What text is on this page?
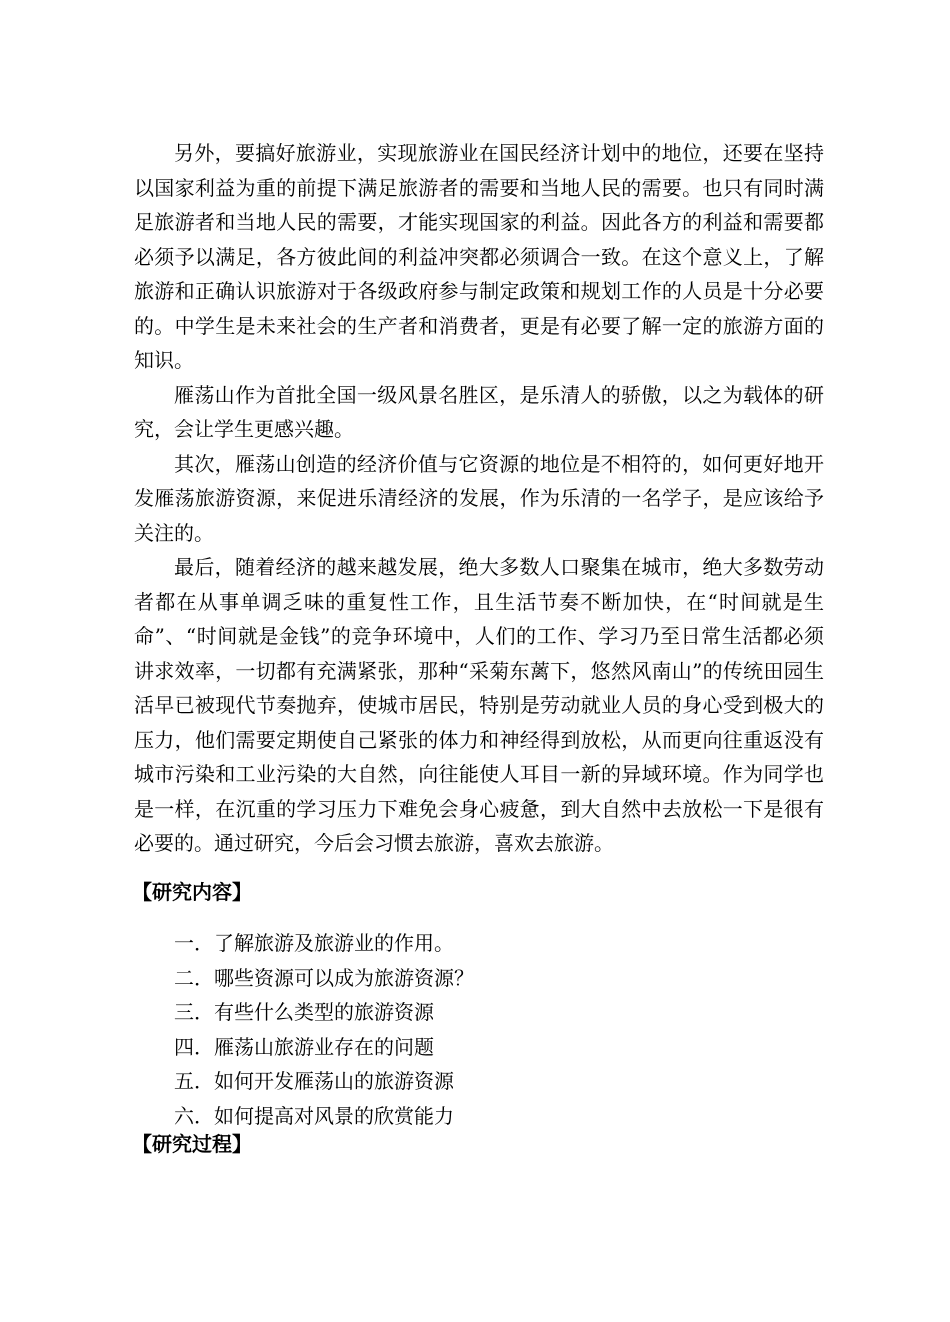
另外，要搞好旅游业，实现旅游业在国民经济计划中的地位，还要在坚持以国家利益为重的前提下满足旅游者的需要和当地人民的需要。也只有同时满足旅游者和当地人民的需要，才能实现国家的利益。因此各方的利益和需要都必须予以满足，各方彼此间的利益冲突都必须调合一致。在这个意义上，了解旅游和正确认识旅游对于各级政府参与制定政策和规划工作的人员是十分必要的。中学生是未来社会的生产者和消费者，更是有必要了解一定的旅游方面的知识。

雁荡山作为首批全国一级风景名胜区，是乐清人的骄傲，以之为载体的研究，会让学生更感兴趣。

其次，雁荡山创造的经济价值与它资源的地位是不相符的，如何更好地开发雁荡旅游资源，来促进乐清经济的发展，作为乐清的一名学子，是应该给予关注的。

最后，随着经济的越来越发展，绝大多数人口聚集在城市，绝大多数劳动者都在从事单调乏味的重复性工作，且生活节奏不断加快，在“时间就是生命”、“时间就是金钱”的竞争环境中，人们的工作、学习乃至日常生活都必须讲求效率，一切都有充满紧张，那种“采菊东蓠下，悠然风南山”的传统田园生活早已被现代节奏抛弃，使城市居民，特别是劳动就业人员的身心受到极大的压力，他们需要定期使自己紧张的体力和神经得到放松，从而更向往重返没有城市污染和工业污染的大自然，向往能使人耳目一新的异域环境。作为同学也是一样，在沉重的学习压力下难免会身心疲惫，到大自然中去放松一下是很有必要的。通过研究，今后会习惯去旅游，喜欢去旅游。

【研究内容】
一．了解旅游及旅游业的作用。
二．哪些资源可以成为旅游资源？
三．有些什么类型的旅游资源
四．雁荡山旅游业存在的问题
五．如何开发雁荡山的旅游资源
六．如何提高对风景的欣赏能力
【研究过程】
